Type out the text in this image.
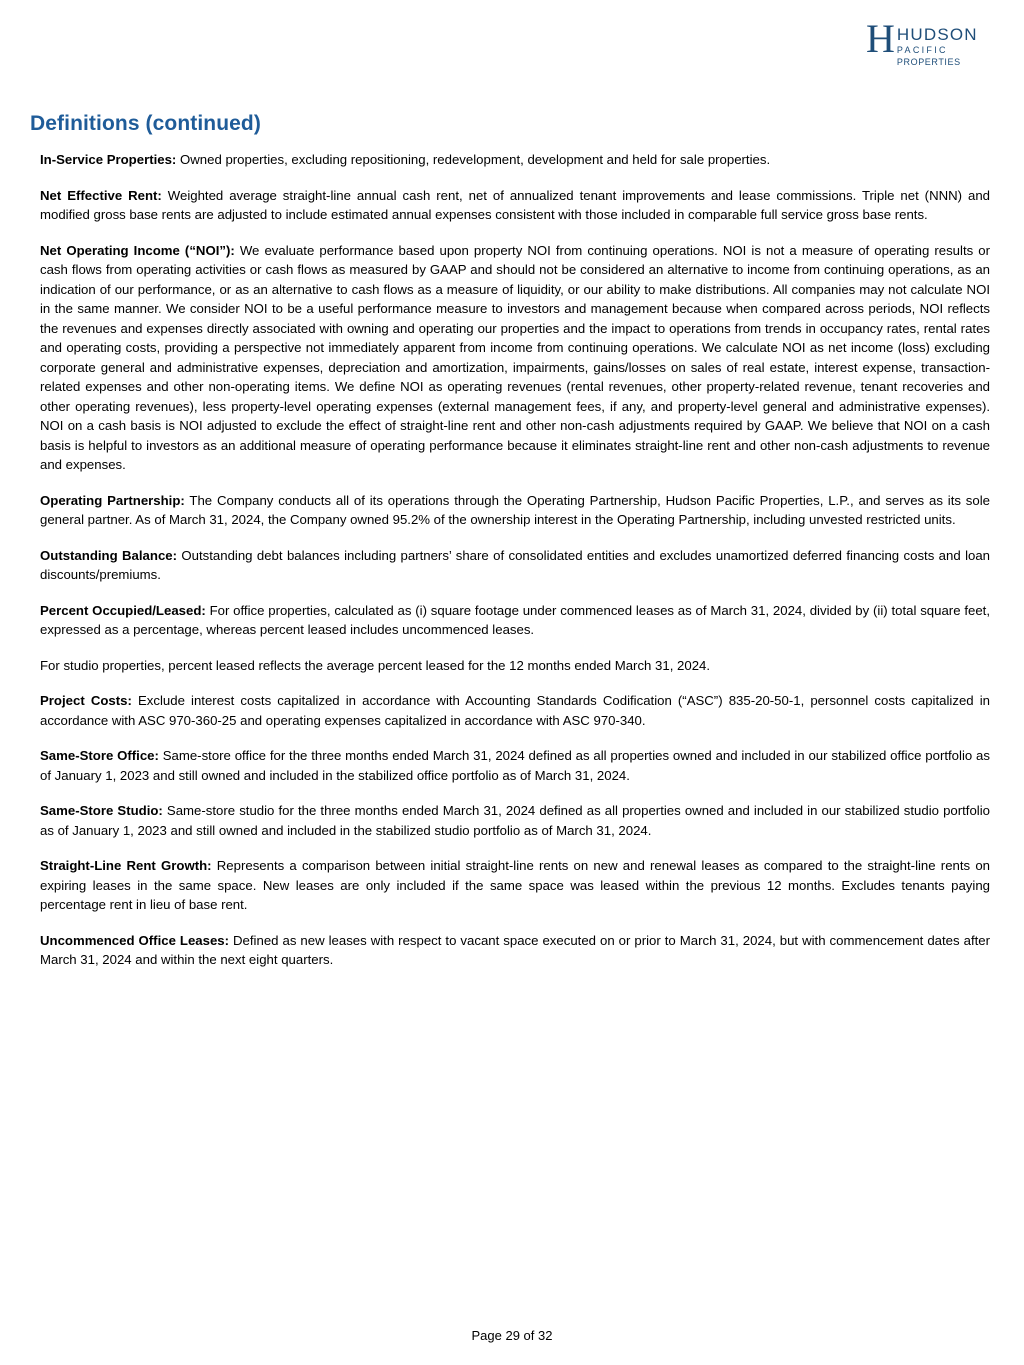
H HUDSON
PACIFIC
PROPERTIES
Definitions (continued)

In-Service Properties: Owned properties, excluding repositioning, redevelopment, development and held for sale properties.

Net Effective Rent: Weighted average straight-line annual cash rent, net of annualized tenant improvements and lease commissions. Triple net (NNN) and modified gross base rents are adjusted to include estimated annual expenses consistent with those included in comparable full service gross base rents.

Net Operating Income (“NOI”): We evaluate performance based upon property NOI from continuing operations. NOI is not a measure of operating results or cash flows from operating activities or cash flows as measured by GAAP and should not be considered an alternative to income from continuing operations, as an indication of our performance, or as an alternative to cash flows as a measure of liquidity, or our ability to make distributions. All companies may not calculate NOI in the same manner. We consider NOI to be a useful performance measure to investors and management because when compared across periods, NOI reflects the revenues and expenses directly associated with owning and operating our properties and the impact to operations from trends in occupancy rates, rental rates and operating costs, providing a perspective not immediately apparent from income from continuing operations. We calculate NOI as net income (loss) excluding corporate general and administrative expenses, depreciation and amortization, impairments, gains/losses on sales of real estate, interest expense, transaction-related expenses and other non-operating items. We define NOI as operating revenues (rental revenues, other property-related revenue, tenant recoveries and other operating revenues), less property-level operating expenses (external management fees, if any, and property-level general and administrative expenses). NOI on a cash basis is NOI adjusted to exclude the effect of straight-line rent and other non-cash adjustments required by GAAP. We believe that NOI on a cash basis is helpful to investors as an additional measure of operating performance because it eliminates straight-line rent and other non-cash adjustments to revenue and expenses.

Operating Partnership: The Company conducts all of its operations through the Operating Partnership, Hudson Pacific Properties, L.P., and serves as its sole general partner. As of March 31, 2024, the Company owned 95.2% of the ownership interest in the Operating Partnership, including unvested restricted units.

Outstanding Balance: Outstanding debt balances including partners’ share of consolidated entities and excludes unamortized deferred financing costs and loan discounts/premiums.

Percent Occupied/Leased: For office properties, calculated as (i) square footage under commenced leases as of March 31, 2024, divided by (ii) total square feet, expressed as a percentage, whereas percent leased includes uncommenced leases.

For studio properties, percent leased reflects the average percent leased for the 12 months ended March 31, 2024.

Project Costs: Exclude interest costs capitalized in accordance with Accounting Standards Codification (“ASC”) 835-20-50-1, personnel costs capitalized in accordance with ASC 970-360-25 and operating expenses capitalized in accordance with ASC 970-340.

Same-Store Office: Same-store office for the three months ended March 31, 2024 defined as all properties owned and included in our stabilized office portfolio as of January 1, 2023 and still owned and included in the stabilized office portfolio as of March 31, 2024.

Same-Store Studio: Same-store studio for the three months ended March 31, 2024 defined as all properties owned and included in our stabilized studio portfolio as of January 1, 2023 and still owned and included in the stabilized studio portfolio as of March 31, 2024.

Straight-Line Rent Growth: Represents a comparison between initial straight-line rents on new and renewal leases as compared to the straight-line rents on expiring leases in the same space. New leases are only included if the same space was leased within the previous 12 months. Excludes tenants paying percentage rent in lieu of base rent.

Uncommenced Office Leases: Defined as new leases with respect to vacant space executed on or prior to March 31, 2024, but with commencement dates after March 31, 2024 and within the next eight quarters.

Page 29 of 32
